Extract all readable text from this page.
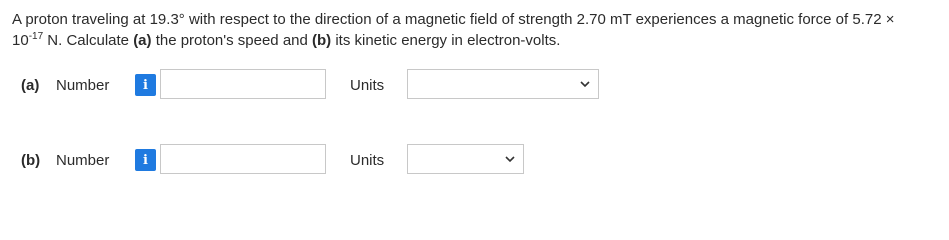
A proton traveling at 19.3° with respect to the direction of a magnetic field of strength 2.70 mT experiences a magnetic force of 5.72 ×
$10^{-17}$ N. Calculate (a) the proton's speed and (b) its kinetic energy in electron-volts.
(a) Number	i	Units
(b) Number	i	Units
